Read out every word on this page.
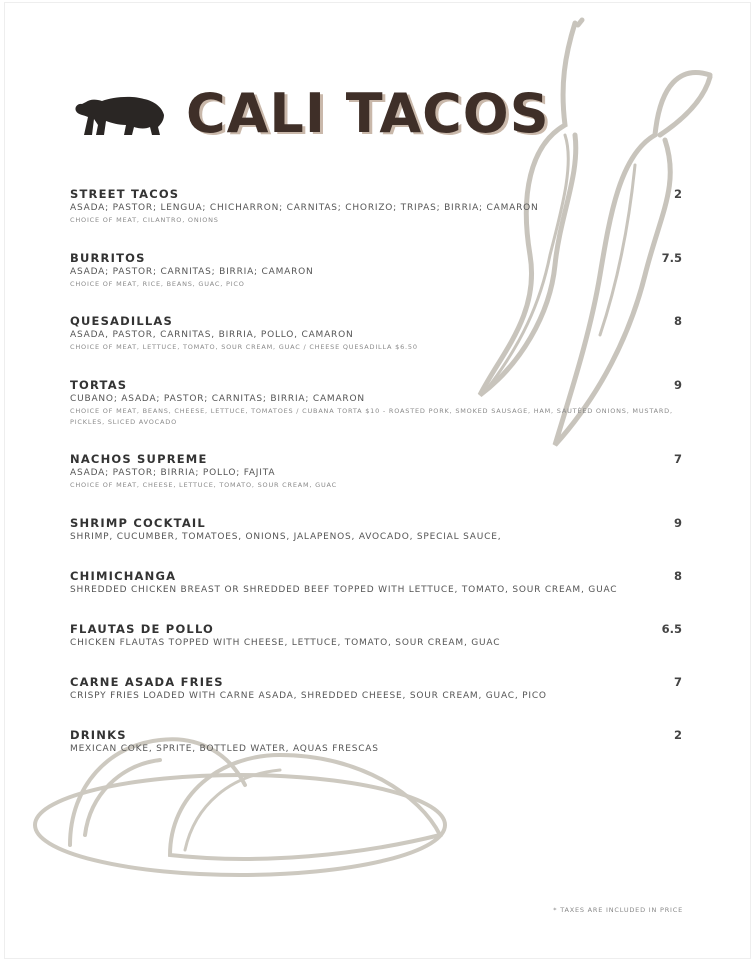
CALI TACOS
STREET TACOS	2
ASADA; PASTOR; LENGUA; CHICHARRON; CARNITAS; CHORIZO; TRIPAS; BIRRIA; CAMARON
CHOICE OF MEAT, CILANTRO, ONIONS
BURRITOS	7.5
ASADA; PASTOR; CARNITAS; BIRRIA; CAMARON
CHOICE OF MEAT, RICE, BEANS, GUAC, PICO
QUESADILLAS	8
ASADA, PASTOR, CARNITAS, BIRRIA, POLLO, CAMARON
CHOICE OF MEAT, LETTUCE, TOMATO, SOUR CREAM, GUAC / CHEESE QUESADILLA $6.50
TORTAS	9
CUBANO; ASADA; PASTOR; CARNITAS; BIRRIA; CAMARON
CHOICE OF MEAT, BEANS, CHEESE, LETTUCE, TOMATOES / CUBANA TORTA $10 - ROASTED PORK, SMOKED SAUSAGE, HAM, SAUTÉED ONIONS, MUSTARD, PICKLES, SLICED AVOCADO
NACHOS SUPREME	7
ASADA; PASTOR; BIRRIA; POLLO; FAJITA
CHOICE OF MEAT, CHEESE, LETTUCE, TOMATO, SOUR CREAM, GUAC
SHRIMP COCKTAIL	9
SHRIMP, CUCUMBER, TOMATOES, ONIONS, JALAPENOS, AVOCADO, SPECIAL SAUCE,
CHIMICHANGA	8
SHREDDED CHICKEN BREAST OR SHREDDED BEEF TOPPED WITH LETTUCE, TOMATO, SOUR CREAM, GUAC
FLAUTAS DE POLLO	6.5
CHICKEN FLAUTAS TOPPED WITH CHEESE, LETTUCE, TOMATO, SOUR CREAM, GUAC
CARNE ASADA FRIES	7
CRISPY FRIES LOADED WITH CARNE ASADA, SHREDDED CHEESE, SOUR CREAM, GUAC, PICO
DRINKS	2
MEXICAN COKE, SPRITE, BOTTLED WATER, AQUAS FRESCAS
* TAXES ARE INCLUDED IN PRICE
